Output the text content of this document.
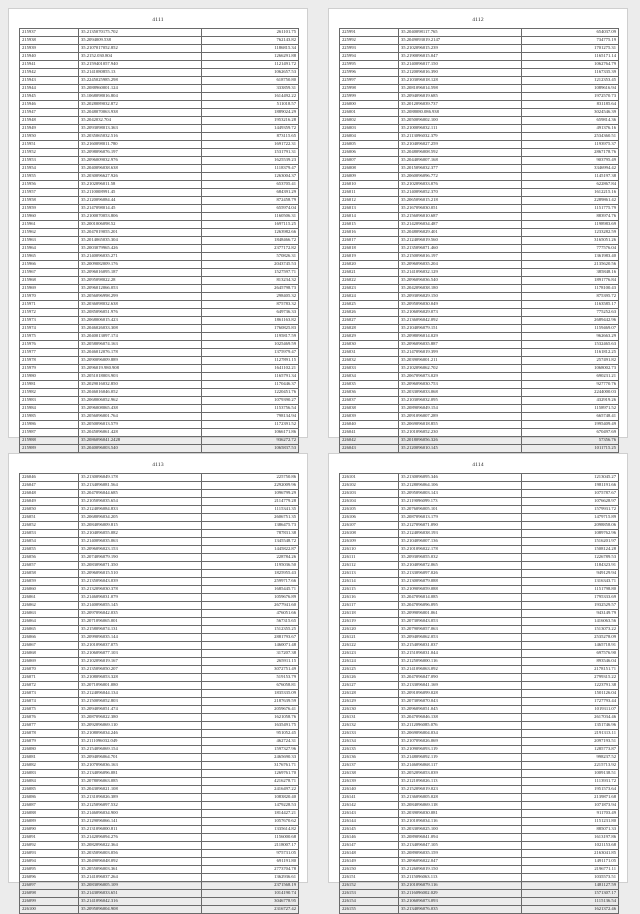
4111
215937	35.2135070175.702	261101.75
215938	35.2094009.538	762143.82
215939	35.2107017052.852	1186815.34
215940	35.2152.030.804	1266291.88
215941	35.2159401057.940	1121491.72
215942	35.2141080855.13	1062657.53
215943	35.2245025985.298	618750.80
215944	35.2088960001.124	333859.31
215945	35.1068098016.804	1614492.22
215946	35.2028089032.872	511018.57
215947	35.2048070063.938	1889024.29
215948	35.2042032.704	1953216.28
215949	35.2093098013.363	1449359.72
215950	35.2035065032.516	873115.65
215951	35.2160098011.780	1691722.31
215952	35.2098096076.197	1531791.31
215953	35.2096009032.976	1625539.23
215954	35.2040096038.638	1118379.47
215955	35.2030096627.926	1263004.37
215956	35.2102096011.58	653705.41
215957	35.2110008991.45	684391.29
215958	35.2120096084.44	872458.79
215959	35.2147098014.45	655974.04
215960	35.2100070053.806	1160506.31
215961	35.2001006098.52	1697115.25
215962	35.2047019055.201	1263982.66
215963	35.2014065035.304	1848466.72
215964	35.2003079965.426	2377172.82
215965	35.2140096035.271	570826.31
215966	35.2009082009.176	2043745.53
215967	35.2096016095.187	1527597.71
215968	35.2095098022.28	813234.32
215969	35.2096012066.053	2645798.73
215970	35.2056096998.299	298405.32
215971	35.2036098032.638	875783.32
215972	35.2085096051.976	649736.33
215973	35.2068006015.423	1861163.82
215974	35.2046026033.308	1760825.83
215975	35.2040013097.174	1195817.59
215976	35.2058096074.163	1025469.59
215977	35.2046012076.178	1375979.47
215978	35.2090096009.889	1127891.15
215979	35.2096019.980.908	1641102.21
215980	35.2051018003.903	1165791.34
215981	35.2029016032.850	1170446.37
215982	35.2046016046.052	1220451.76
215983	35.2068006052.962	1079390.27
215984	35.2096008065.438	1153756.54
215985	35.2056096001.764	798134.94
215986	35.2050096013.579	1172391.52
215987	35.2045096061.428	1066171.86
215988	35.2086096041.2428	936272.72
215989	35.2040096003.540	1065837.53

4112
225991	35.2040098117.765	654037.09
225992	35.2049093019.2147	734775.19
225993	35.2102096015.239	1701275.31
225994	35.2190096015.047	1165171.14
225995	35.2140096017.150	1062764.79
225996	35.2120096016.390	1167335.39
225997	35.2103096018.128	1212353.45
225998	35.2081096014.598	1089616.94
225999	35.2094096019.685	1972570.73
226000	35.2012096039.737	831185.64
226001	35.2088080.086.938	3024546.39
226002	35.2050096002.100	659814.36
226003	35.2100096032.111	491376.16
226004	35.2113096032.379	2534360.51
226005	35.2104096027.259	1193975.37
226006	35.2048096008.592	2867178.76
226007	35.2044096007.168	903795.49
226008	35.2015096032.377	3346994.42
226009	35.2060096096.772	1145197.38
226010	35.2102096033.076	622867.84
226011	35.2140096052.370	1612215.16
226012	35.2065096015.218	2289861.42
226013	35.2167096030.051	1151775.79
226014	35.2156096010.687	883974.76
226015	35.2142096034.487	1198983.69
226016	35.2048096029.401	1233282.59
226017	35.2124096019.560	3165051.26
226018	35.2135096071.460	777576.04
226019	35.2150096016.197	1361983.40
226020	35.2096096035.204	2135620.56
226021	35.2141096032.129	385848.16
226022	35.2096096036.540	1891776.84
226023	35.2042096038.180	1178100.43
226024	35.2093096029.150	875395.72
226025	35.2095096030.049	1163585.17
226026	35.2106096029.073	775252.63
226027	35.2136096042.092	2689442.96
226028	35.2104096079.151	1159469.07
226029	35.2098096014.029	962663.29
226030	35.2096096035.887	1532465.63
226031	35.2147096019.399	1161812.25
226032	35.2039096001.211	257491.82
226033	35.2102096062.702	1068002.73
226034	35.2067096073.029	690231.21
226035	35.2096096030.753	927770.76
226036	35.2033096033.068	2244000.03
226037	35.2103096032.095	432919.26
226038	35.2089096049.154	1158971.52
226039	35.2091096007.289	665748.41
226040	35.2069096018.855	1995409.49
226041	35.2101096052.230	670497.69
226042	35.2018096056.326	57356.76
226043	35.2120096010.145	1011715.25

4113
226046	35.2130096049.178	225750.86
226047	35.2134096081.564	2292009.96
226048	35.2047096044.685	1096799.29
226049	35.2105096035.654	2114779.28
226050	35.2124096084.833	1115341.35
226051	35.2068096034.205	2606751.35
226052	35.2084096009.815	1386475.73
226053	35.2104096055.082	787831.38
226054	35.2140096035.063	1345548.72
226055	35.2096096023.153	1445822.87
226056	35.2074096079.190	228784.26
226057	35.2083096071.350	1195036.50
226058	35.2096096015.510	1825955.43
226059	35.2135096043.039	2599717.66
226060	35.2132096030.378	1685445.71
226061	35.2146096031.079	1059676.89
226062	35.2140096055.145	2677941.60
226063	35.2097096042.035	476051.66
226064	35.2071096065.001	567315.65
226065	35.2158096074.131	1512355.25
226066	35.2099096035.144	2881793.67
226067	35.2101096037.075	1460071.48
226068	35.2106096077.103	317207.38
226069	35.2102096019.167	265911.15
226070	35.2135096050.207	3072751.49
226071	35.2108096053.328	519153.79
226072	35.2071096001.080	676058.81
226073	35.2124096044.134	1835335.09
226074	35.2150096052.803	2187639.59
226075	35.2094096051.474	2059676.41
226076	35.2087096022.380	1621058.76
226077	35.2092096069.110	1635491.75
226078	35.2108096034.246	951052.45
226079	35.2111096032.049	462724.31
226080	35.2154096069.154	1597327.96
226081	35.2094096064.701	2465690.33
226082	35.2107096036.163	3176761.71
226083	35.2134096096.081	1269761.70
226084	35.2078096063.085	4216278.71
226085	35.2043096021.108	2416497.22
226086	35.2131096026.389	1083820.40
226087	35.2125096097.532	1479228.53
226088	35.2146096034.900	1814427.21
226089	35.2129096066.141	1057670.62
226090	35.2131096000.811	1335614.82
226091	35.2142096094.276	1156000.68
226092	35.2082096022.364	2118007.17
226093	35.2035096003.056	975731.05
226094	35.2049096048.092	691191.80
226095	35.2055096003.361	2773704.78
226096	35.2141096037.264	1362936.61
226097	35.2083096005.109	2371568.19
226098	35.2143096033.651	1014190.74
226099	35.2141096042.316	3046778.95
226100	35.2095096004.908	2316727.42
4114
226101	35.2130096095.346	1213045.27
226102	35.2128096064.106	1981191.66
226103	35.2095096003.143	1075787.67
226104	35.2119096099.173	1076628.97
226105	35.2076096005.101	1579931.72
226106	35.2087096013.179	1479715.89
226107	35.2127096071.090	2098858.06
226108	35.2124096038.193	1089762.96
226109	35.2104096007.136	1516201.97
226110	35.2101096022.178	1508124.28
226111	35.2093096055.032	1226789.53
226112	35.2104096072.065	1184323.91
226113	35.2133096097.026	949129.94
226114	35.2130096079.088	1316343.71
226115	35.2109096059.088	1151798.80
226116	35.2047096014.085	1795333.69
226117	35.2047096096.095	1932529.57
226118	35.2099096001.061	943149.79
226119	35.2073096043.053	1416063.56
226120	35.2079096057.063	1513073.22
226121	35.2094096062.053	2535278.09
226122	35.2154096031.037	1465718.91
226123	35.2151096031.044	697576.90
226124	35.2125096000.116	893546.04
226125	35.2141096063.092	2178151.71
226126	35.2047096047.090	2799315.22
226127	35.2133096041.169	1223791.38
226128	35.2091096099.028	1501126.04
226129	35.2073096070.043	1727793.44
226130	35.2096096051.045	1019311.07
226131	35.2047096046.138	2617034.46
226132	35.2112096085.076	1351746.96
226133	35.2069096004.034	2191313.11
226134	35.2107096026.069	2097193.51
226135	35.2109096093.119	1285773.87
226136	35.2148096092.119	998237.52
226137	35.2146096068.117	2215713.92
226138	35.2052096053.039	1009138.51
226139	35.2121096026.113	1113931.72
226140	35.2152096019.023	1951573.64
226141	35.2136096005.028	2139871.68
226142	35.2084096069.118	1071873.94
226143	35.2039096030.081	911703.49
226144	35.2101096034.116	1151231.80
226145	35.2033096025.100	885071.33
226146	35.2089096041.094	1613197.86
226147	35.2134096047.105	1021153.68
226148	35.2089096035.159	2163041.85
226149	35.2096096022.047	1491171.05
226150	35.2126096019.150	2196771.11
226151	35.2115096063.113	1035573.51
226152	35.2101096079.116	1481127.59
226153	35.2116096002.029	1571307.17
226154	35.2106096073.093	1115136.54
226155	35.2134096076.035	1621372.46
